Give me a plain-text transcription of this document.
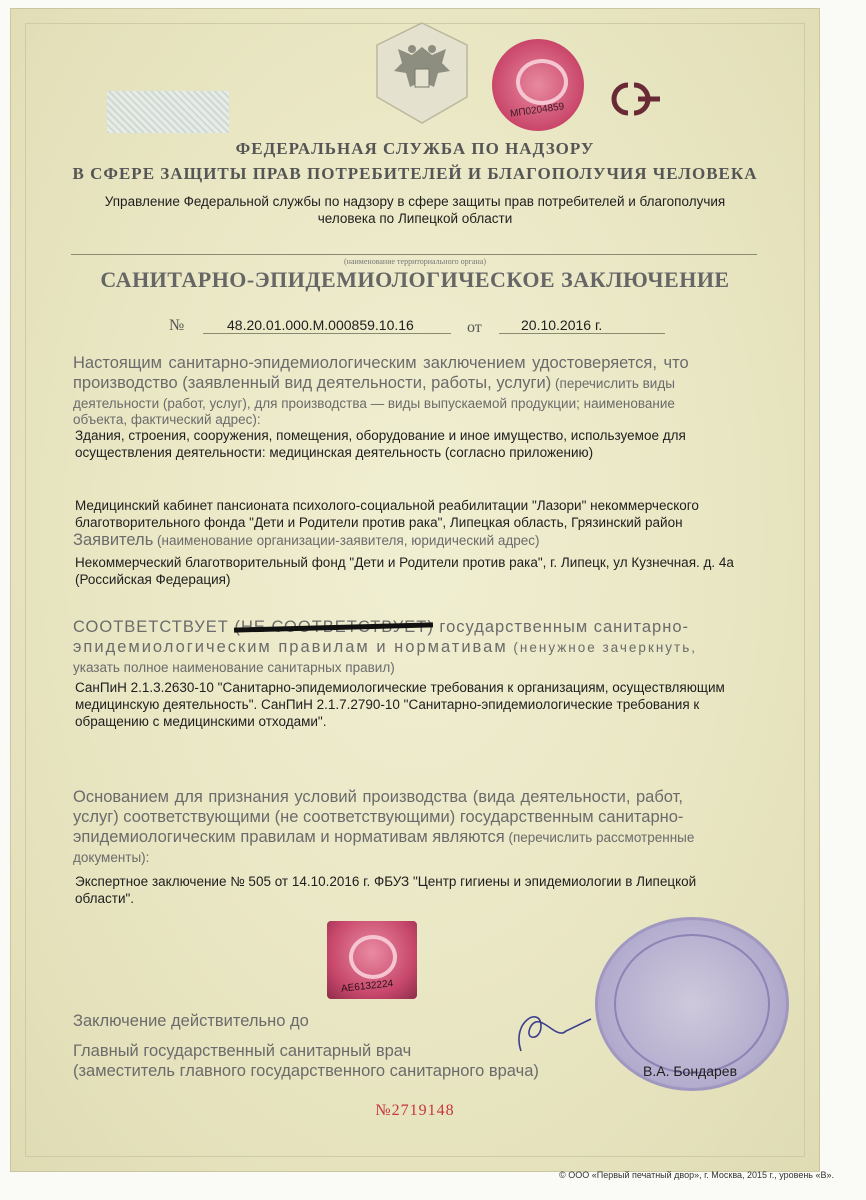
МП0204859
ФЕДЕРАЛЬНАЯ СЛУЖБА ПО НАДЗОРУ
В СФЕРЕ ЗАЩИТЫ ПРАВ ПОТРЕБИТЕЛЕЙ И БЛАГОПОЛУЧИЯ ЧЕЛОВЕКА
Управление Федеральной службы по надзору в сфере защиты прав потребителей и благополучия
человека по Липецкой области
(наименование территориального органа)
САНИТАРНО-ЭПИДЕМИОЛОГИЧЕСКОЕ ЗАКЛЮЧЕНИЕ
№	48.20.01.000.М.000859.10.16	от	20.10.2016 г.
Настоящим санитарно-эпидемиологическим заключением удостоверяется, что
производство (заявленный вид деятельности, работы, услуги) (перечислить виды
деятельности (работ, услуг), для производства — виды выпускаемой продукции; наименование
объекта, фактический адрес):
Здания, строения, сооружения, помещения, оборудование и иное имущество, используемое для
осуществления деятельности: медицинская деятельность (согласно приложению)
Медицинский кабинет пансионата психолого-социальной реабилитации "Лазори" некоммерческого
благотворительного фонда "Дети и Родители против рака", Липецкая область, Грязинский район
Заявитель (наименование организации-заявителя, юридический адрес)
Некоммерческий благотворительный фонд "Дети и Родители против рака", г. Липецк, ул Кузнечная. д. 4а
(Российская Федерация)
СООТВЕТСТВУЕТ	государственным санитарно-
эпидемиологическим правилам и нормативам (ненужное зачеркнуть,
указать полное наименование санитарных правил)
СанПиН 2.1.3.2630-10 "Санитарно-эпидемиологические требования к организациям, осуществляющим
медицинскую деятельность". СанПиН 2.1.7.2790-10 "Санитарно-эпидемиологические требования к
обращению с медицинскими отходами".
Основанием для признания условий производства (вида деятельности, работ,
услуг) соответствующими (не соответствующими) государственным санитарно-
эпидемиологическим правилам и нормативам являются (перечислить рассмотренные
документы):
Экспертное заключение № 505 от 14.10.2016 г. ФБУЗ "Центр гигиены и эпидемиологии в Липецкой
области".
АЕ6132224
Заключение действительно до
Главный государственный санитарный врач
(заместитель главного государственного санитарного врача)	В.А. Бондарев
№2719148
© ООО «Первый печатный двор», г. Москва, 2015 г., уровень «В».
